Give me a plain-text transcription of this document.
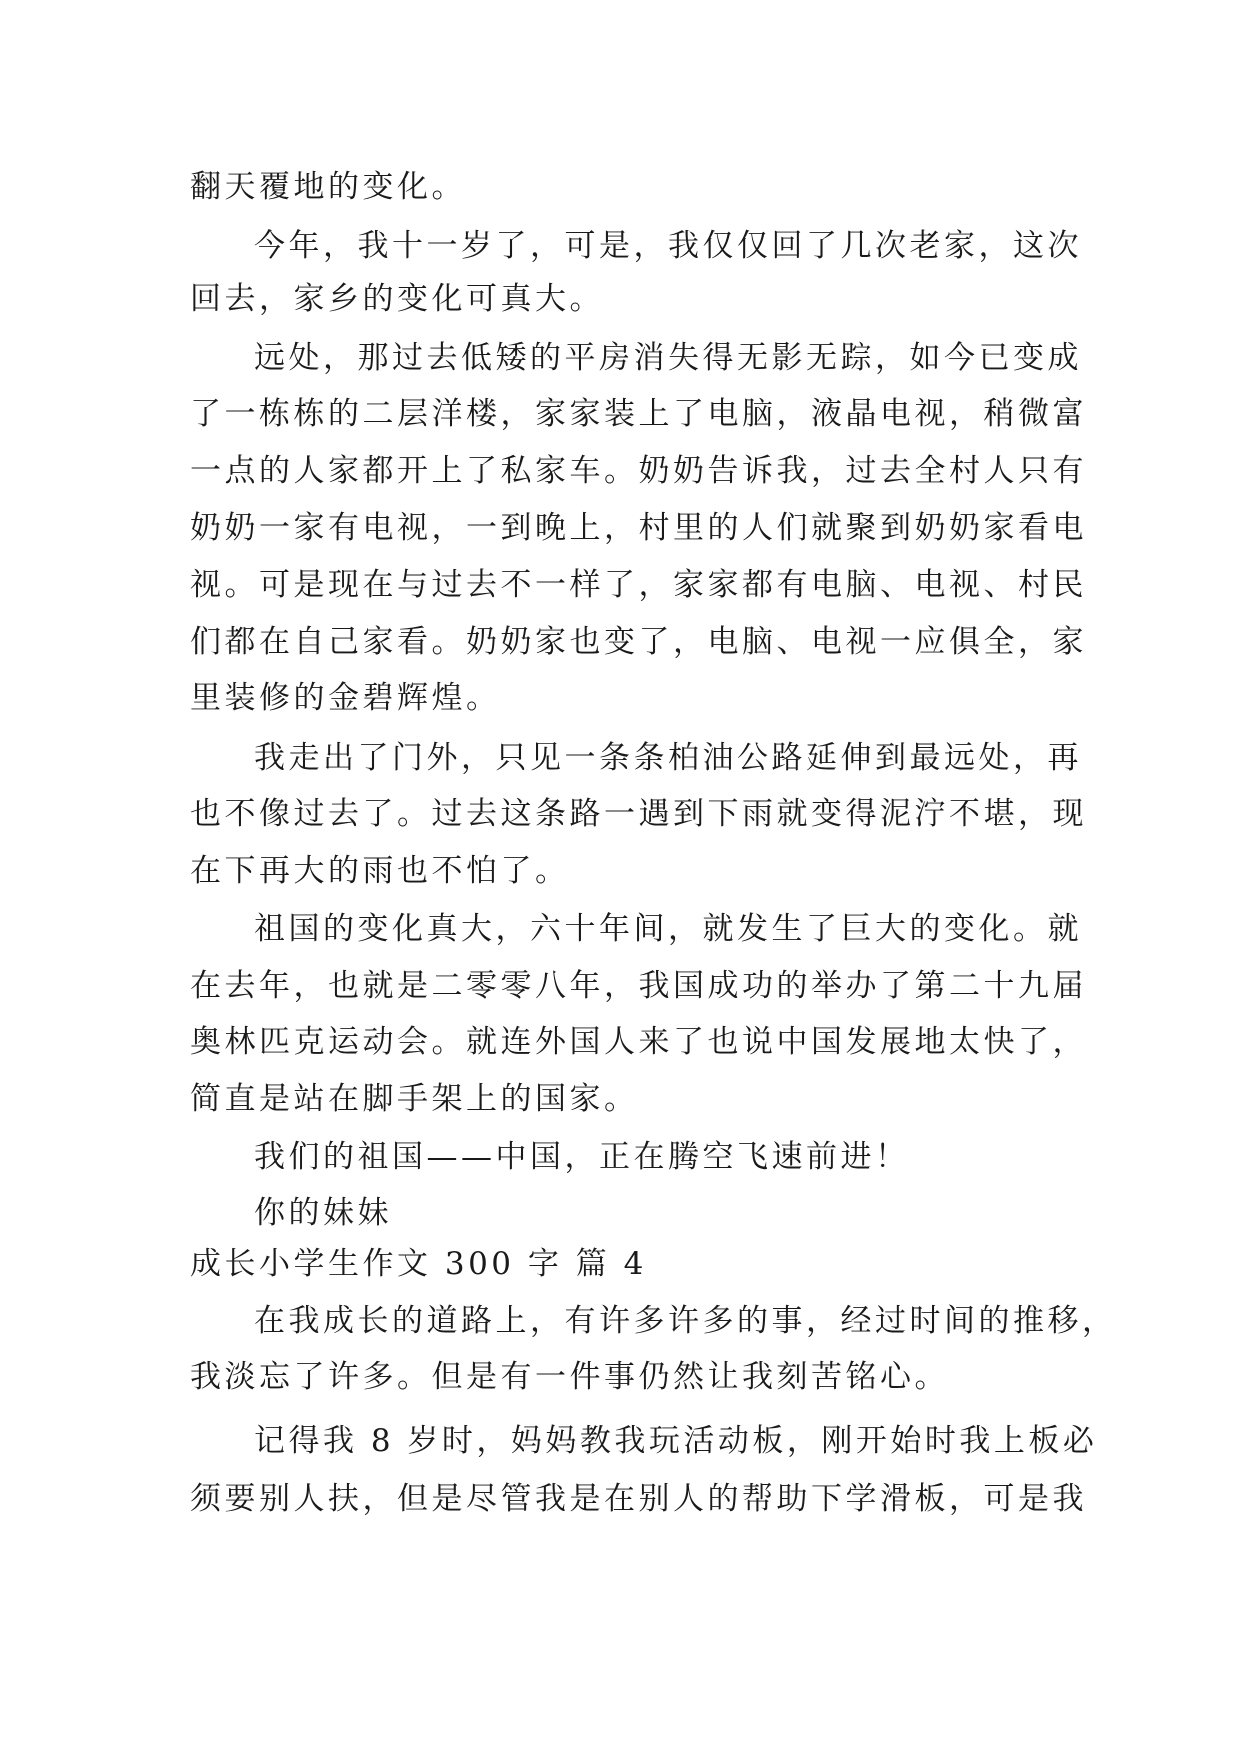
翻天覆地的变化。
今年，我十一岁了，可是，我仅仅回了几次老家，这次
回去，家乡的变化可真大。
远处，那过去低矮的平房消失得无影无踪，如今已变成
了一栋栋的二层洋楼，家家装上了电脑，液晶电视，稍微富
一点的人家都开上了私家车。奶奶告诉我，过去全村人只有
奶奶一家有电视，一到晚上，村里的人们就聚到奶奶家看电
视。可是现在与过去不一样了，家家都有电脑、电视、村民
们都在自己家看。奶奶家也变了，电脑、电视一应俱全，家
里装修的金碧辉煌。
我走出了门外，只见一条条柏油公路延伸到最远处，再
也不像过去了。过去这条路一遇到下雨就变得泥泞不堪，现
在下再大的雨也不怕了。
祖国的变化真大，六十年间，就发生了巨大的变化。就
在去年，也就是二零零八年，我国成功的举办了第二十九届
奥林匹克运动会。就连外国人来了也说中国发展地太快了，
简直是站在脚手架上的国家。
我们的祖国——中国，正在腾空飞速前进！
你的妹妹
成长小学生作文 300 字 篇 4
在我成长的道路上，有许多许多的事，经过时间的推移，
我淡忘了许多。但是有一件事仍然让我刻苦铭心。
记得我 8 岁时，妈妈教我玩活动板，刚开始时我上板必
须要别人扶，但是尽管我是在别人的帮助下学滑板，可是我
